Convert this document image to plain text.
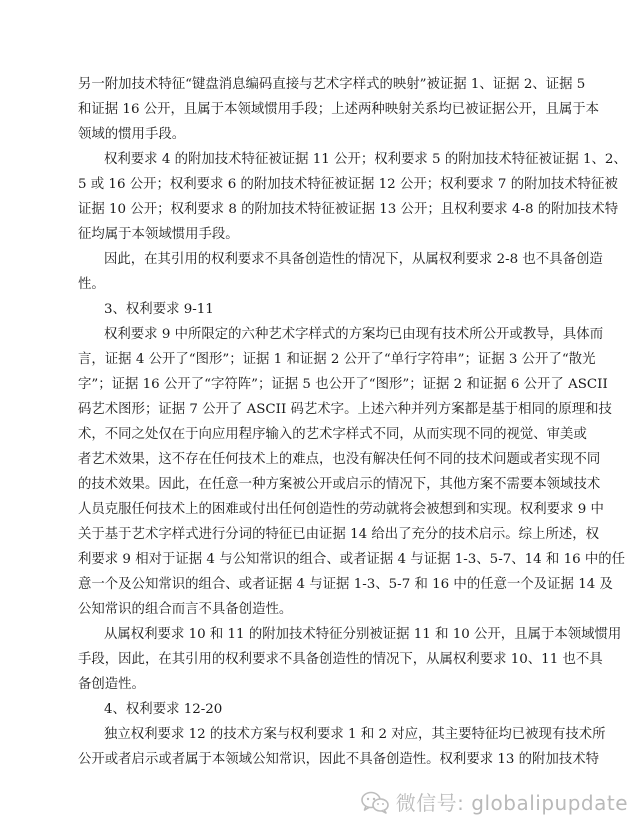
另一附加技术特征“键盘消息编码直接与艺术字样式的映射”被证据 1、证据 2、证据 5
和证据 16 公开，且属于本领域惯用手段；上述两种映射关系均已被证据公开，且属于本
领域的惯用手段。
权利要求 4 的附加技术特征被证据 11 公开；权利要求 5 的附加技术特征被证据 1、2、
5 或 16 公开；权利要求 6 的附加技术特征被证据 12 公开；权利要求 7 的附加技术特征被
证据 10 公开；权利要求 8 的附加技术特征被证据 13 公开；且权利要求 4-8 的附加技术特
征均属于本领域惯用手段。
因此，在其引用的权利要求不具备创造性的情况下，从属权利要求 2-8 也不具备创造
性。
3、权利要求 9-11
权利要求 9 中所限定的六种艺术字样式的方案均已由现有技术所公开或教导，具体而
言，证据 4 公开了“图形”；证据 1 和证据 2 公开了“单行字符串”；证据 3 公开了“散光
字”；证据 16 公开了“字符阵”；证据 5 也公开了“图形”；证据 2 和证据 6 公开了 ASCII
码艺术图形；证据 7 公开了 ASCII 码艺术字。上述六种并列方案都是基于相同的原理和技
术，不同之处仅在于向应用程序输入的艺术字样式不同，从而实现不同的视觉、审美或
者艺术效果，这不存在任何技术上的难点，也没有解决任何不同的技术问题或者实现不同
的技术效果。因此，在任意一种方案被公开或启示的情况下，其他方案不需要本领域技术
人员克服任何技术上的困难或付出任何创造性的劳动就将会被想到和实现。权利要求 9 中
关于基于艺术字样式进行分词的特征已由证据 14 给出了充分的技术启示。综上所述，权
利要求 9 相对于证据 4 与公知常识的组合、或者证据 4 与证据 1-3、5-7、14 和 16 中的任
意一个及公知常识的组合、或者证据 4 与证据 1-3、5-7 和 16 中的任意一个及证据 14 及
公知常识的组合而言不具备创造性。
从属权利要求 10 和 11 的附加技术特征分别被证据 11 和 10 公开，且属于本领域惯用
手段，因此，在其引用的权利要求不具备创造性的情况下，从属权利要求 10、11 也不具
备创造性。
4、权利要求 12-20
独立权利要求 12 的技术方案与权利要求 1 和 2 对应，其主要特征均已被现有技术所
公开或者启示或者属于本领域公知常识，因此不具备创造性。权利要求 13 的附加技术特
微信号: globalipupdate
